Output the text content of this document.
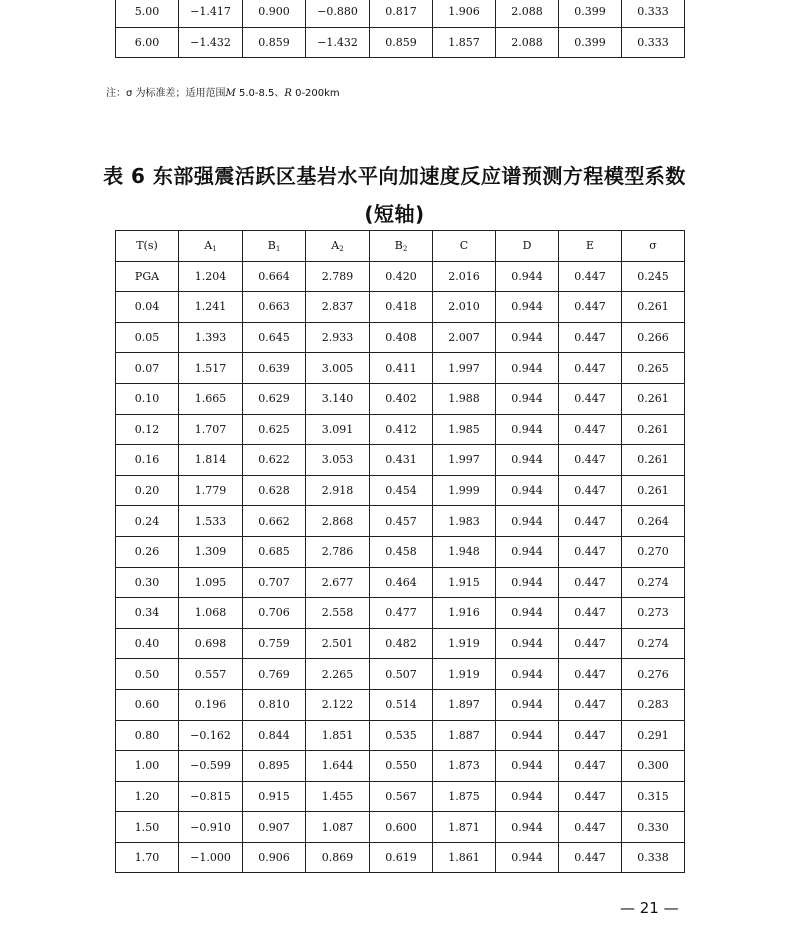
5.00	−1.417	0.900	−0.880	0.817	1.906	2.088	0.399	0.333
6.00	−1.432	0.859	−1.432	0.859	1.857	2.088	0.399	0.333
注：σ 为标准差；适用范围M 5.0-8.5、R 0-200km
表 6 东部强震活跃区基岩水平向加速度反应谱预测方程模型系数
(短轴)
T(s)	$A_1$	$B_1$	$A_2$	$B_2$	C	D	E	σ
PGA	1.204	0.664	2.789	0.420	2.016	0.944	0.447	0.245
0.04	1.241	0.663	2.837	0.418	2.010	0.944	0.447	0.261
0.05	1.393	0.645	2.933	0.408	2.007	0.944	0.447	0.266
0.07	1.517	0.639	3.005	0.411	1.997	0.944	0.447	0.265
0.10	1.665	0.629	3.140	0.402	1.988	0.944	0.447	0.261
0.12	1.707	0.625	3.091	0.412	1.985	0.944	0.447	0.261
0.16	1.814	0.622	3.053	0.431	1.997	0.944	0.447	0.261
0.20	1.779	0.628	2.918	0.454	1.999	0.944	0.447	0.261
0.24	1.533	0.662	2.868	0.457	1.983	0.944	0.447	0.264
0.26	1.309	0.685	2.786	0.458	1.948	0.944	0.447	0.270
0.30	1.095	0.707	2.677	0.464	1.915	0.944	0.447	0.274
0.34	1.068	0.706	2.558	0.477	1.916	0.944	0.447	0.273
0.40	0.698	0.759	2.501	0.482	1.919	0.944	0.447	0.274
0.50	0.557	0.769	2.265	0.507	1.919	0.944	0.447	0.276
0.60	0.196	0.810	2.122	0.514	1.897	0.944	0.447	0.283
0.80	−0.162	0.844	1.851	0.535	1.887	0.944	0.447	0.291
1.00	−0.599	0.895	1.644	0.550	1.873	0.944	0.447	0.300
1.20	−0.815	0.915	1.455	0.567	1.875	0.944	0.447	0.315
1.50	−0.910	0.907	1.087	0.600	1.871	0.944	0.447	0.330
1.70	−1.000	0.906	0.869	0.619	1.861	0.944	0.447	0.338
— 21 —
